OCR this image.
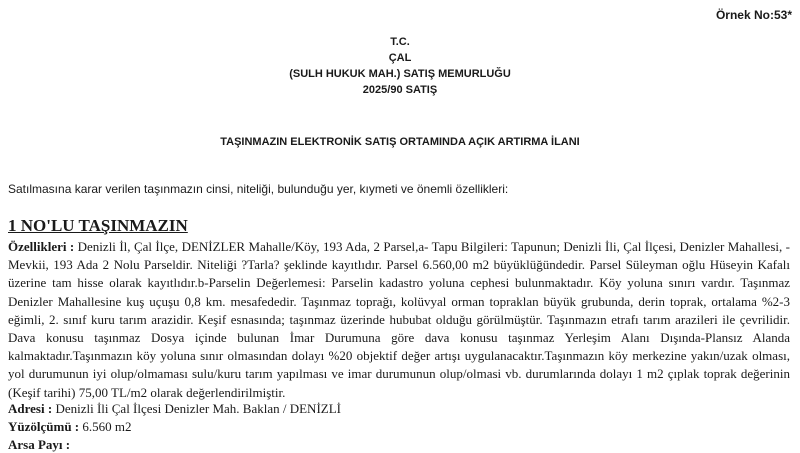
Örnek No:53*
T.C.
ÇAL
(SULH HUKUK MAH.) SATIŞ MEMURLUĞU
2025/90 SATIŞ
TAŞINMAZIN ELEKTRONİK SATIŞ ORTAMINDA AÇIK ARTIRMA İLANI
Satılmasına karar verilen taşınmazın cinsi, niteliği, bulunduğu yer, kıymeti ve önemli özellikleri:
1 NO'LU TAŞINMAZIN
Özellikleri : Denizli İl, Çal İlçe, DENİZLER Mahalle/Köy, 193 Ada, 2 Parsel,a- Tapu Bilgileri: Tapunun; Denizli İli, Çal İlçesi, Denizler Mahallesi, - Mevkii, 193 Ada 2 Nolu Parseldir. Niteliği ?Tarla? şeklinde kayıtlıdır. Parsel 6.560,00 m2 büyüklüğündedir. Parsel Süleyman oğlu Hüseyin Kafalı üzerine tam hisse olarak kayıtlıdır.b-Parselin Değerlemesi: Parselin kadastro yoluna cephesi bulunmaktadır. Köy yoluna sınırı vardır. Taşınmaz Denizler Mahallesine kuş uçuşu 0,8 km. mesafededir. Taşınmaz toprağı, kolüvyal orman topraklan büyük grubunda, derin toprak, ortalama %2-3 eğimli, 2. sınıf kuru tarım arazidir. Keşif esnasında; taşınmaz üzerinde hububat olduğu görülmüştür. Taşınmazın etrafı tarım arazileri ile çevrilidir. Dava konusu taşınmaz Dosya içinde bulunan İmar Durumuna göre dava konusu taşınmaz Yerleşim Alanı Dışında-Plansız Alanda kalmaktadır.Taşınmazın köy yoluna sınır olmasından dolayı %20 objektif değer artışı uygulanacaktır.Taşınmazın köy merkezine yakın/uzak olması, yol durumunun iyi olup/olmaması sulu/kuru tarım yapılması ve imar durumunun olup/olmasi vb. durumlarında dolayı 1 m2 çıplak toprak değerinin (Keşif tarihi) 75,00 TL/m2 olarak değerlendirilmiştir.
Adresi : Denizli İli Çal İlçesi Denizler Mah. Baklan / DENİZLİ
Yüzölçümü : 6.560 m2
Arsa Payı :
